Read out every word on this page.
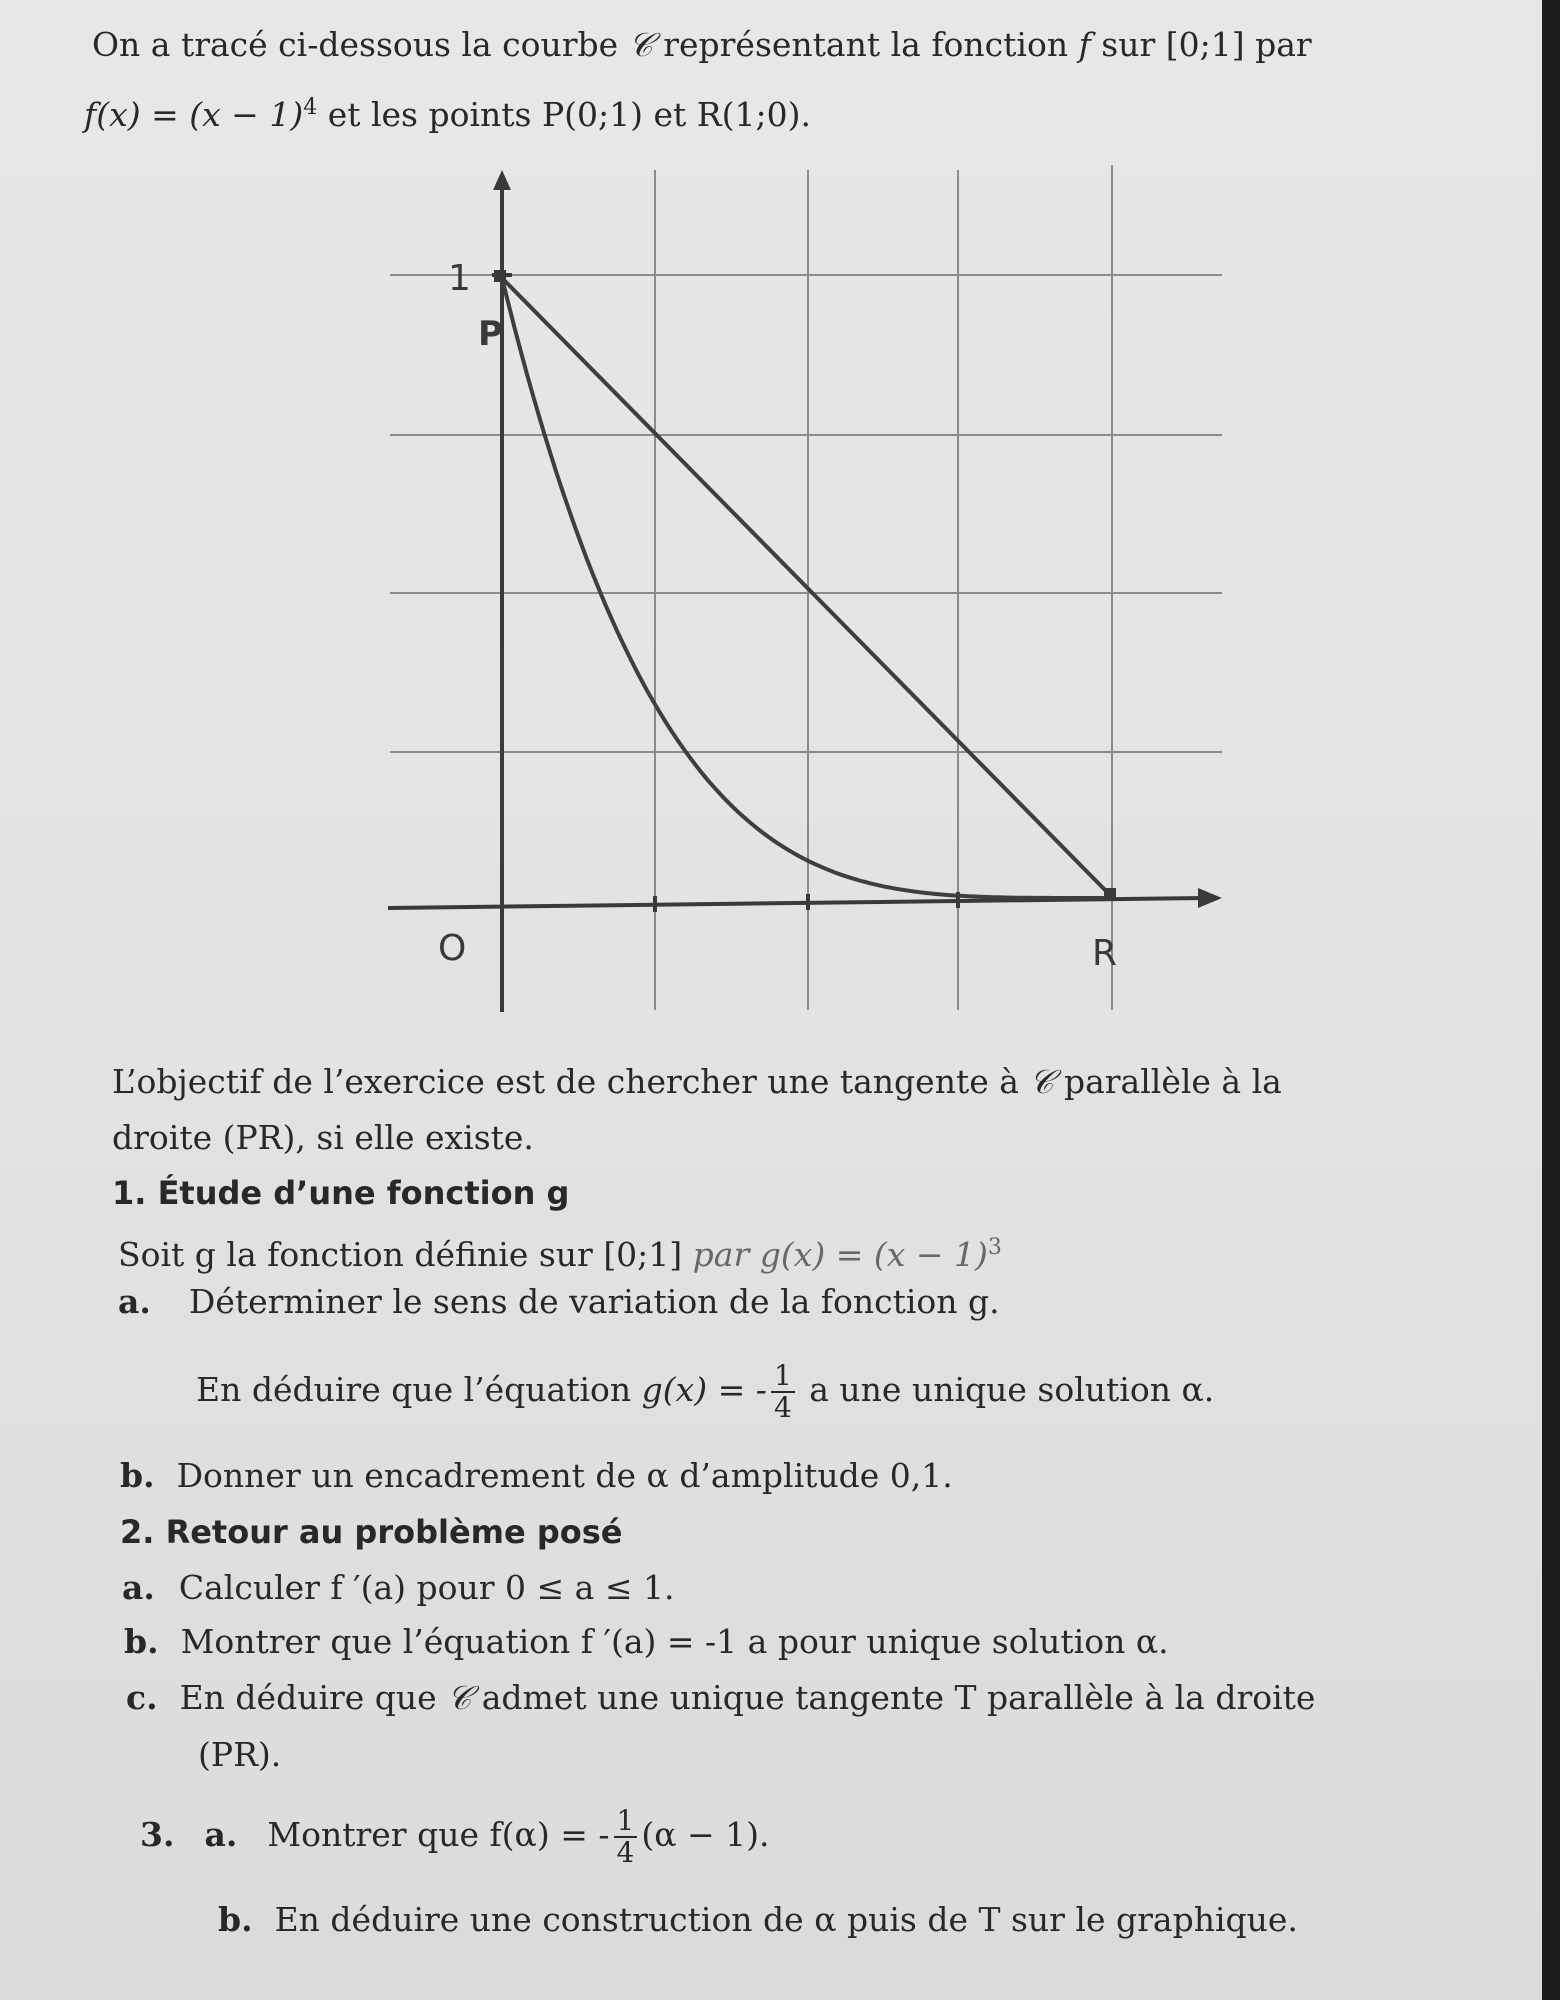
On a tracé ci-dessous la courbe 𝒞 représentant la fonction f sur [0;1] par
$f(x) = (x - 1)^4$ et les points P(0;1) et R(1;0).
1
P
O	R
L’objectif de l’exercice est de chercher une tangente à 𝒞 parallèle à la
droite (PR), si elle existe.
1. Étude d’une fonction g
Soit g la fonction définie sur [0;1] par $g(x) = (x - 1)^3$
a. Déterminer le sens de variation de la fonction g.
En déduire que l’équation g(x) = - $\frac{1}{4}$ a une unique solution α.
b. Donner un encadrement de α d’amplitude 0,1.
2. Retour au problème posé
a. Calculer f ′(a) pour 0 ≤ a ≤ 1.
b. Montrer que l’équation f ′(a) = -1 a pour unique solution α.
c. En déduire que 𝒞 admet une unique tangente T parallèle à la droite
(PR).
3. a. Montrer que f(α) = - $\frac{1}{4} (\alpha - 1)$.
b. En déduire une construction de α puis de T sur le graphique.
